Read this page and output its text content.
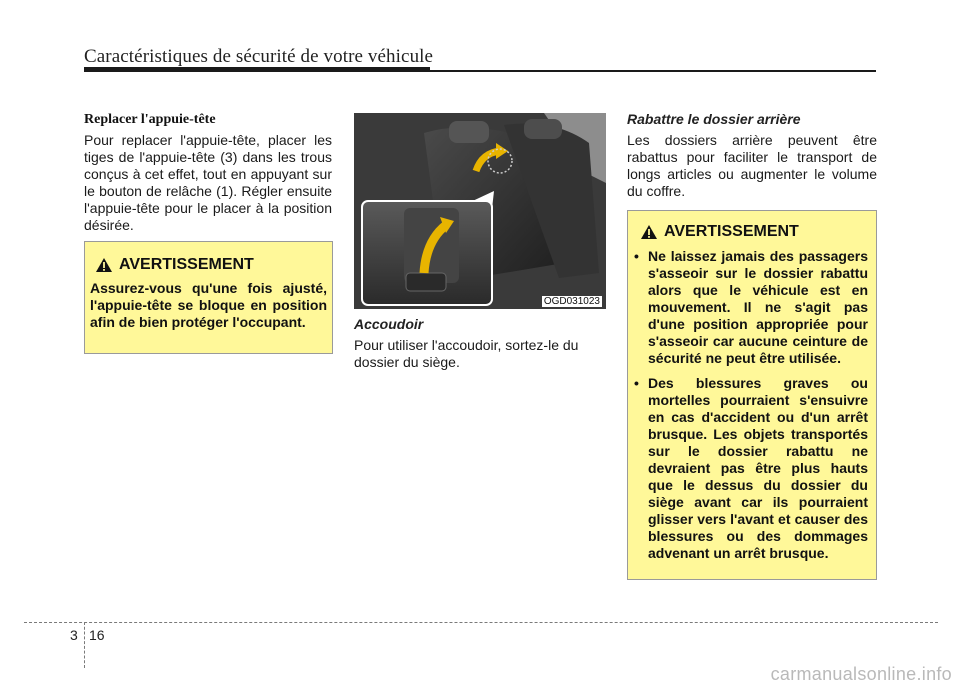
Caractéristiques de sécurité de votre véhicule
Replacer l'appuie-tête
Pour replacer l'appuie-tête, placer les tiges de l'appuie-tête (3) dans les trous conçus à cet effet, tout en appuyant sur le bouton de relâche (1). Régler ensuite l'appuie-tête pour le placer à la position désirée.
AVERTISSEMENT
Assurez-vous qu'une fois ajusté, l'appuie-tête se bloque en position afin de bien protéger l'occupant.
OGD031023
Accoudoir
Pour utiliser l'accoudoir, sortez-le du dossier du siège.
Rabattre le dossier arrière
Les dossiers arrière peuvent être rabattus pour faciliter le transport de longs articles ou augmenter le volume du coffre.
AVERTISSEMENT
• Ne laissez jamais des passagers s'asseoir sur le dossier rabattu alors que le véhicule est en mouvement. Il ne s'agit pas d'une position appropriée pour s'asseoir car aucune ceinture de sécurité ne peut être utilisée.
• Des blessures graves ou mortelles pourraient s'ensuivre en cas d'accident ou d'un arrêt brusque. Les objets transportés sur le dossier rabattu ne devraient pas être plus hauts que le dessus du dossier du siège avant car ils pourraient glisser vers l'avant et causer des blessures ou des dommages advenant un arrêt brusque.
3 16
carmanualsonline.info
